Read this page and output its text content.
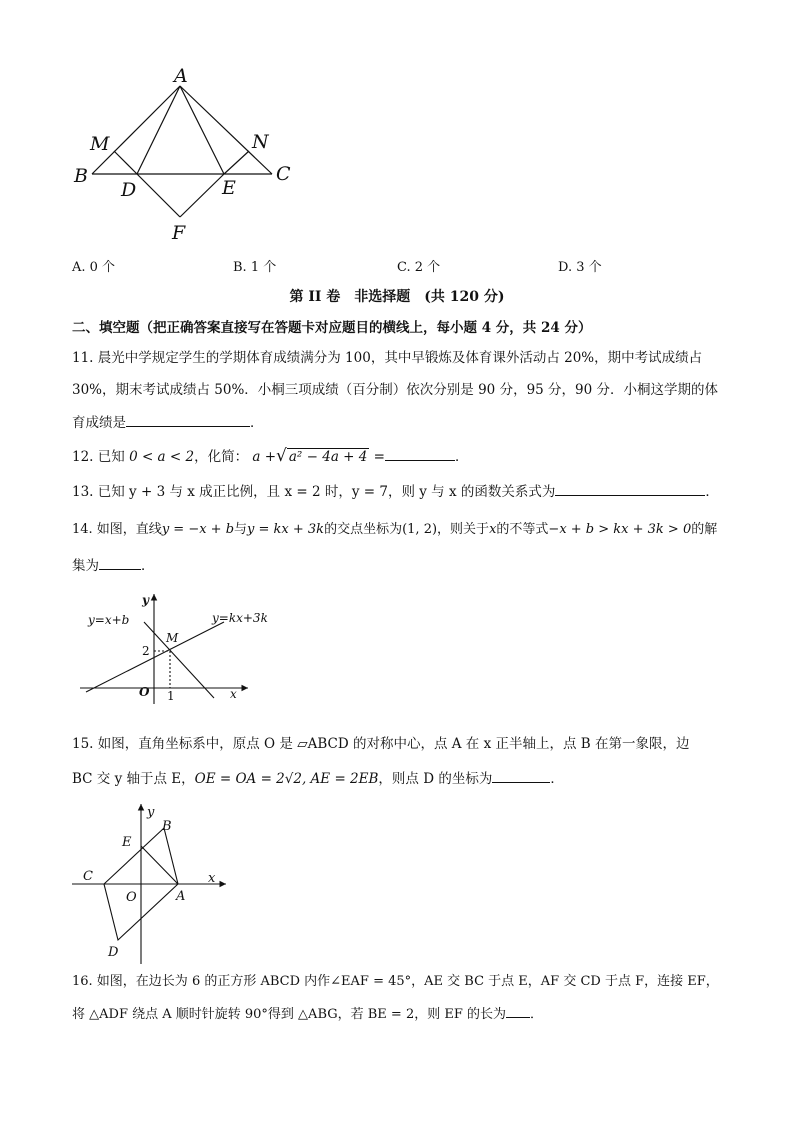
A
M	N
B	C
D	E
F
A. 0 个	B. 1 个	C. 2 个	D. 3 个
第 II 卷　非选择题　(共 120 分)
二、填空题（把正确答案直接写在答题卡对应题目的横线上，每小题 4 分，共 24 分）
11. 晨光中学规定学生的学期体育成绩满分为 100，其中早锻炼及体育课外活动占 20%，期中考试成绩占
30%，期末考试成绩占 50%．小桐三项成绩（百分制）依次分别是 90 分，95 分，90 分．小桐这学期的体
育成绩是	．
12. 已知 0 < a < 2，化简： a +√ a² − 4a + 4 =	．
13. 已知 y + 3 与 x 成正比例，且 x = 2 时，y = 7，则 y 与 x 的函数关系式为	．
14. 如图，直线y = −x + b与y = kx + 3k的交点坐标为(1, 2)，则关于x的不等式−x + b > kx + 3k > 0的解
集为	．
y=x+b	y=kx+3k
y
x
O
M
2
1
15. 如图，直角坐标系中，原点 O 是 ▱ABCD 的对称中心，点 A 在 x 正半轴上，点 B 在第一象限，边
BC 交 y 轴于点 E，OE = OA = 2√2, AE = 2EB，则点 D 的坐标为	．
y
x
B
E
C
O	A
D
16. 如图，在边长为 6 的正方形 ABCD 内作∠EAF = 45°，AE 交 BC 于点 E，AF 交 CD 于点 F，连接 EF，
将 △ADF 绕点 A 顺时针旋转 90°得到 △ABG，若 BE = 2，则 EF 的长为 ．
